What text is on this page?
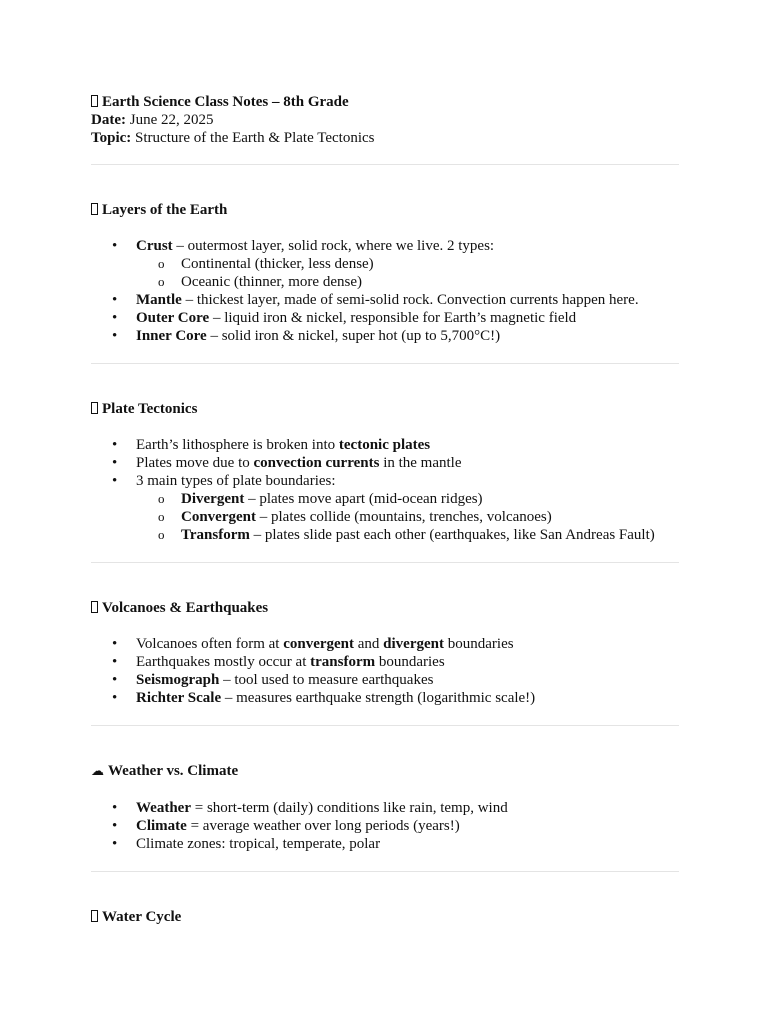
Earth Science Class Notes – 8th Grade
Date: June 22, 2025
Topic: Structure of the Earth & Plate Tectonics
Layers of the Earth
• Crust – outermost layer, solid rock, where we live. 2 types:
o Continental (thicker, less dense)
o Oceanic (thinner, more dense)
• Mantle – thickest layer, made of semi-solid rock. Convection currents happen here.
• Outer Core – liquid iron & nickel, responsible for Earth’s magnetic field
• Inner Core – solid iron & nickel, super hot (up to 5,700°C!)
Plate Tectonics
• Earth’s lithosphere is broken into tectonic plates
• Plates move due to convection currents in the mantle
• 3 main types of plate boundaries:
o Divergent – plates move apart (mid-ocean ridges)
o Convergent – plates collide (mountains, trenches, volcanoes)
o Transform – plates slide past each other (earthquakes, like San Andreas Fault)
Volcanoes & Earthquakes
• Volcanoes often form at convergent and divergent boundaries
• Earthquakes mostly occur at transform boundaries
• Seismograph – tool used to measure earthquakes
• Richter Scale – measures earthquake strength (logarithmic scale!)
☁ Weather vs. Climate
• Weather = short-term (daily) conditions like rain, temp, wind
• Climate = average weather over long periods (years!)
• Climate zones: tropical, temperate, polar
Water Cycle
